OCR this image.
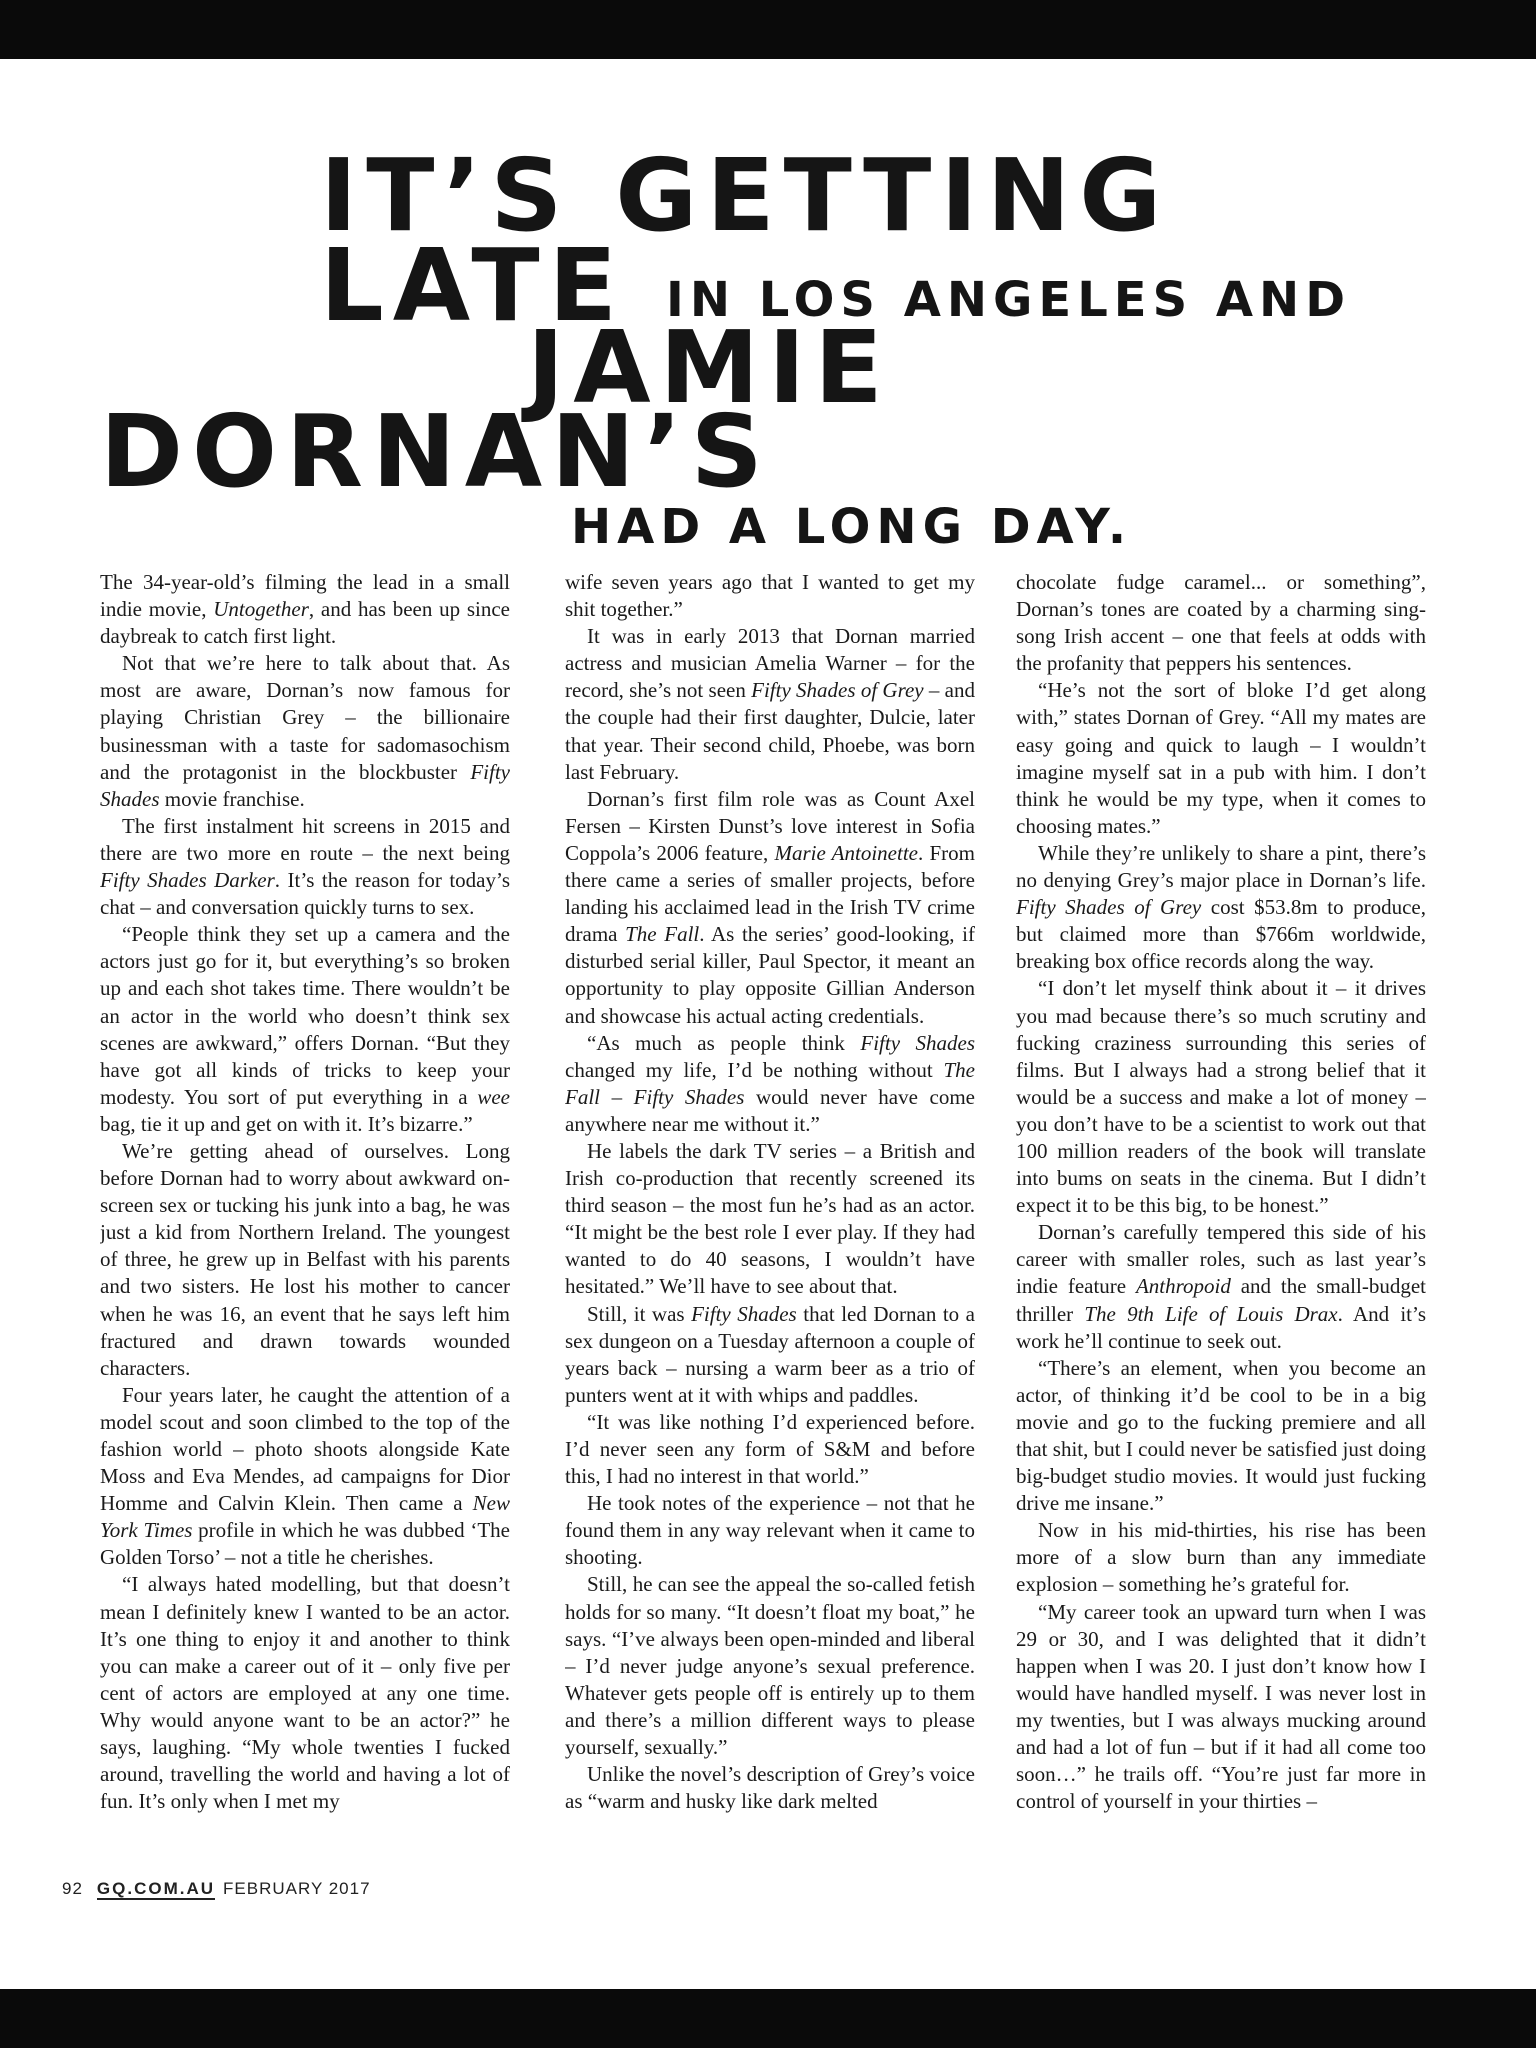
IT’S GETTING
LATE IN LOS ANGELES AND
JAMIE
DORNAN’S
HAD A LONG DAY.

The 34-year-old’s filming the lead in a small indie movie, Untogether, and has been up since daybreak to catch first light.

Not that we’re here to talk about that. As most are aware, Dornan’s now famous for playing Christian Grey – the billionaire businessman with a taste for sadomasochism and the protagonist in the blockbuster Fifty Shades movie franchise.

The first instalment hit screens in 2015 and there are two more en route – the next being Fifty Shades Darker. It’s the reason for today’s chat – and conversation quickly turns to sex.

“People think they set up a camera and the actors just go for it, but everything’s so broken up and each shot takes time. There wouldn’t be an actor in the world who doesn’t think sex scenes are awkward,” offers Dornan. “But they have got all kinds of tricks to keep your modesty. You sort of put everything in a wee bag, tie it up and get on with it. It’s bizarre.”

We’re getting ahead of ourselves. Long before Dornan had to worry about awkward on-screen sex or tucking his junk into a bag, he was just a kid from Northern Ireland. The youngest of three, he grew up in Belfast with his parents and two sisters. He lost his mother to cancer when he was 16, an event that he says left him fractured and drawn towards wounded characters.

Four years later, he caught the attention of a model scout and soon climbed to the top of the fashion world – photo shoots alongside Kate Moss and Eva Mendes, ad campaigns for Dior Homme and Calvin Klein. Then came a New York Times profile in which he was dubbed ‘The Golden Torso’ – not a title he cherishes.

“I always hated modelling, but that doesn’t mean I definitely knew I wanted to be an actor. It’s one thing to enjoy it and another to think you can make a career out of it – only five per cent of actors are employed at any one time. Why would anyone want to be an actor?” he says, laughing. “My whole twenties I fucked around, travelling the world and having a lot of fun. It’s only when I met my

wife seven years ago that I wanted to get my shit together.”

It was in early 2013 that Dornan married actress and musician Amelia Warner – for the record, she’s not seen Fifty Shades of Grey – and the couple had their first daughter, Dulcie, later that year. Their second child, Phoebe, was born last February.

Dornan’s first film role was as Count Axel Fersen – Kirsten Dunst’s love interest in Sofia Coppola’s 2006 feature, Marie Antoinette. From there came a series of smaller projects, before landing his acclaimed lead in the Irish TV crime drama The Fall. As the series’ good-looking, if disturbed serial killer, Paul Spector, it meant an opportunity to play opposite Gillian Anderson and showcase his actual acting credentials.

“As much as people think Fifty Shades changed my life, I’d be nothing without The Fall – Fifty Shades would never have come anywhere near me without it.”

He labels the dark TV series – a British and Irish co-production that recently screened its third season – the most fun he’s had as an actor. “It might be the best role I ever play. If they had wanted to do 40 seasons, I wouldn’t have hesitated.” We’ll have to see about that.

Still, it was Fifty Shades that led Dornan to a sex dungeon on a Tuesday afternoon a couple of years back – nursing a warm beer as a trio of punters went at it with whips and paddles.

“It was like nothing I’d experienced before. I’d never seen any form of S&M and before this, I had no interest in that world.”

He took notes of the experience – not that he found them in any way relevant when it came to shooting.

Still, he can see the appeal the so-called fetish holds for so many. “It doesn’t float my boat,” he says. “I’ve always been open-minded and liberal – I’d never judge anyone’s sexual preference. Whatever gets people off is entirely up to them and there’s a million different ways to please yourself, sexually.”

Unlike the novel’s description of Grey’s voice as “warm and husky like dark melted

chocolate fudge caramel... or something”, Dornan’s tones are coated by a charming sing-song Irish accent – one that feels at odds with the profanity that peppers his sentences.

“He’s not the sort of bloke I’d get along with,” states Dornan of Grey. “All my mates are easy going and quick to laugh – I wouldn’t imagine myself sat in a pub with him. I don’t think he would be my type, when it comes to choosing mates.”

While they’re unlikely to share a pint, there’s no denying Grey’s major place in Dornan’s life. Fifty Shades of Grey cost $53.8m to produce, but claimed more than $766m worldwide, breaking box office records along the way.

“I don’t let myself think about it – it drives you mad because there’s so much scrutiny and fucking craziness surrounding this series of films. But I always had a strong belief that it would be a success and make a lot of money – you don’t have to be a scientist to work out that 100 million readers of the book will translate into bums on seats in the cinema. But I didn’t expect it to be this big, to be honest.”

Dornan’s carefully tempered this side of his career with smaller roles, such as last year’s indie feature Anthropoid and the small-budget thriller The 9th Life of Louis Drax. And it’s work he’ll continue to seek out.

“There’s an element, when you become an actor, of thinking it’d be cool to be in a big movie and go to the fucking premiere and all that shit, but I could never be satisfied just doing big-budget studio movies. It would just fucking drive me insane.”

Now in his mid-thirties, his rise has been more of a slow burn than any immediate explosion – something he’s grateful for.

“My career took an upward turn when I was 29 or 30, and I was delighted that it didn’t happen when I was 20. I just don’t know how I would have handled myself. I was never lost in my twenties, but I was always mucking around and had a lot of fun – but if it had all come too soon…” he trails off. “You’re just far more in control of yourself in your thirties –

92 GQ.COM.AU FEBRUARY 2017
